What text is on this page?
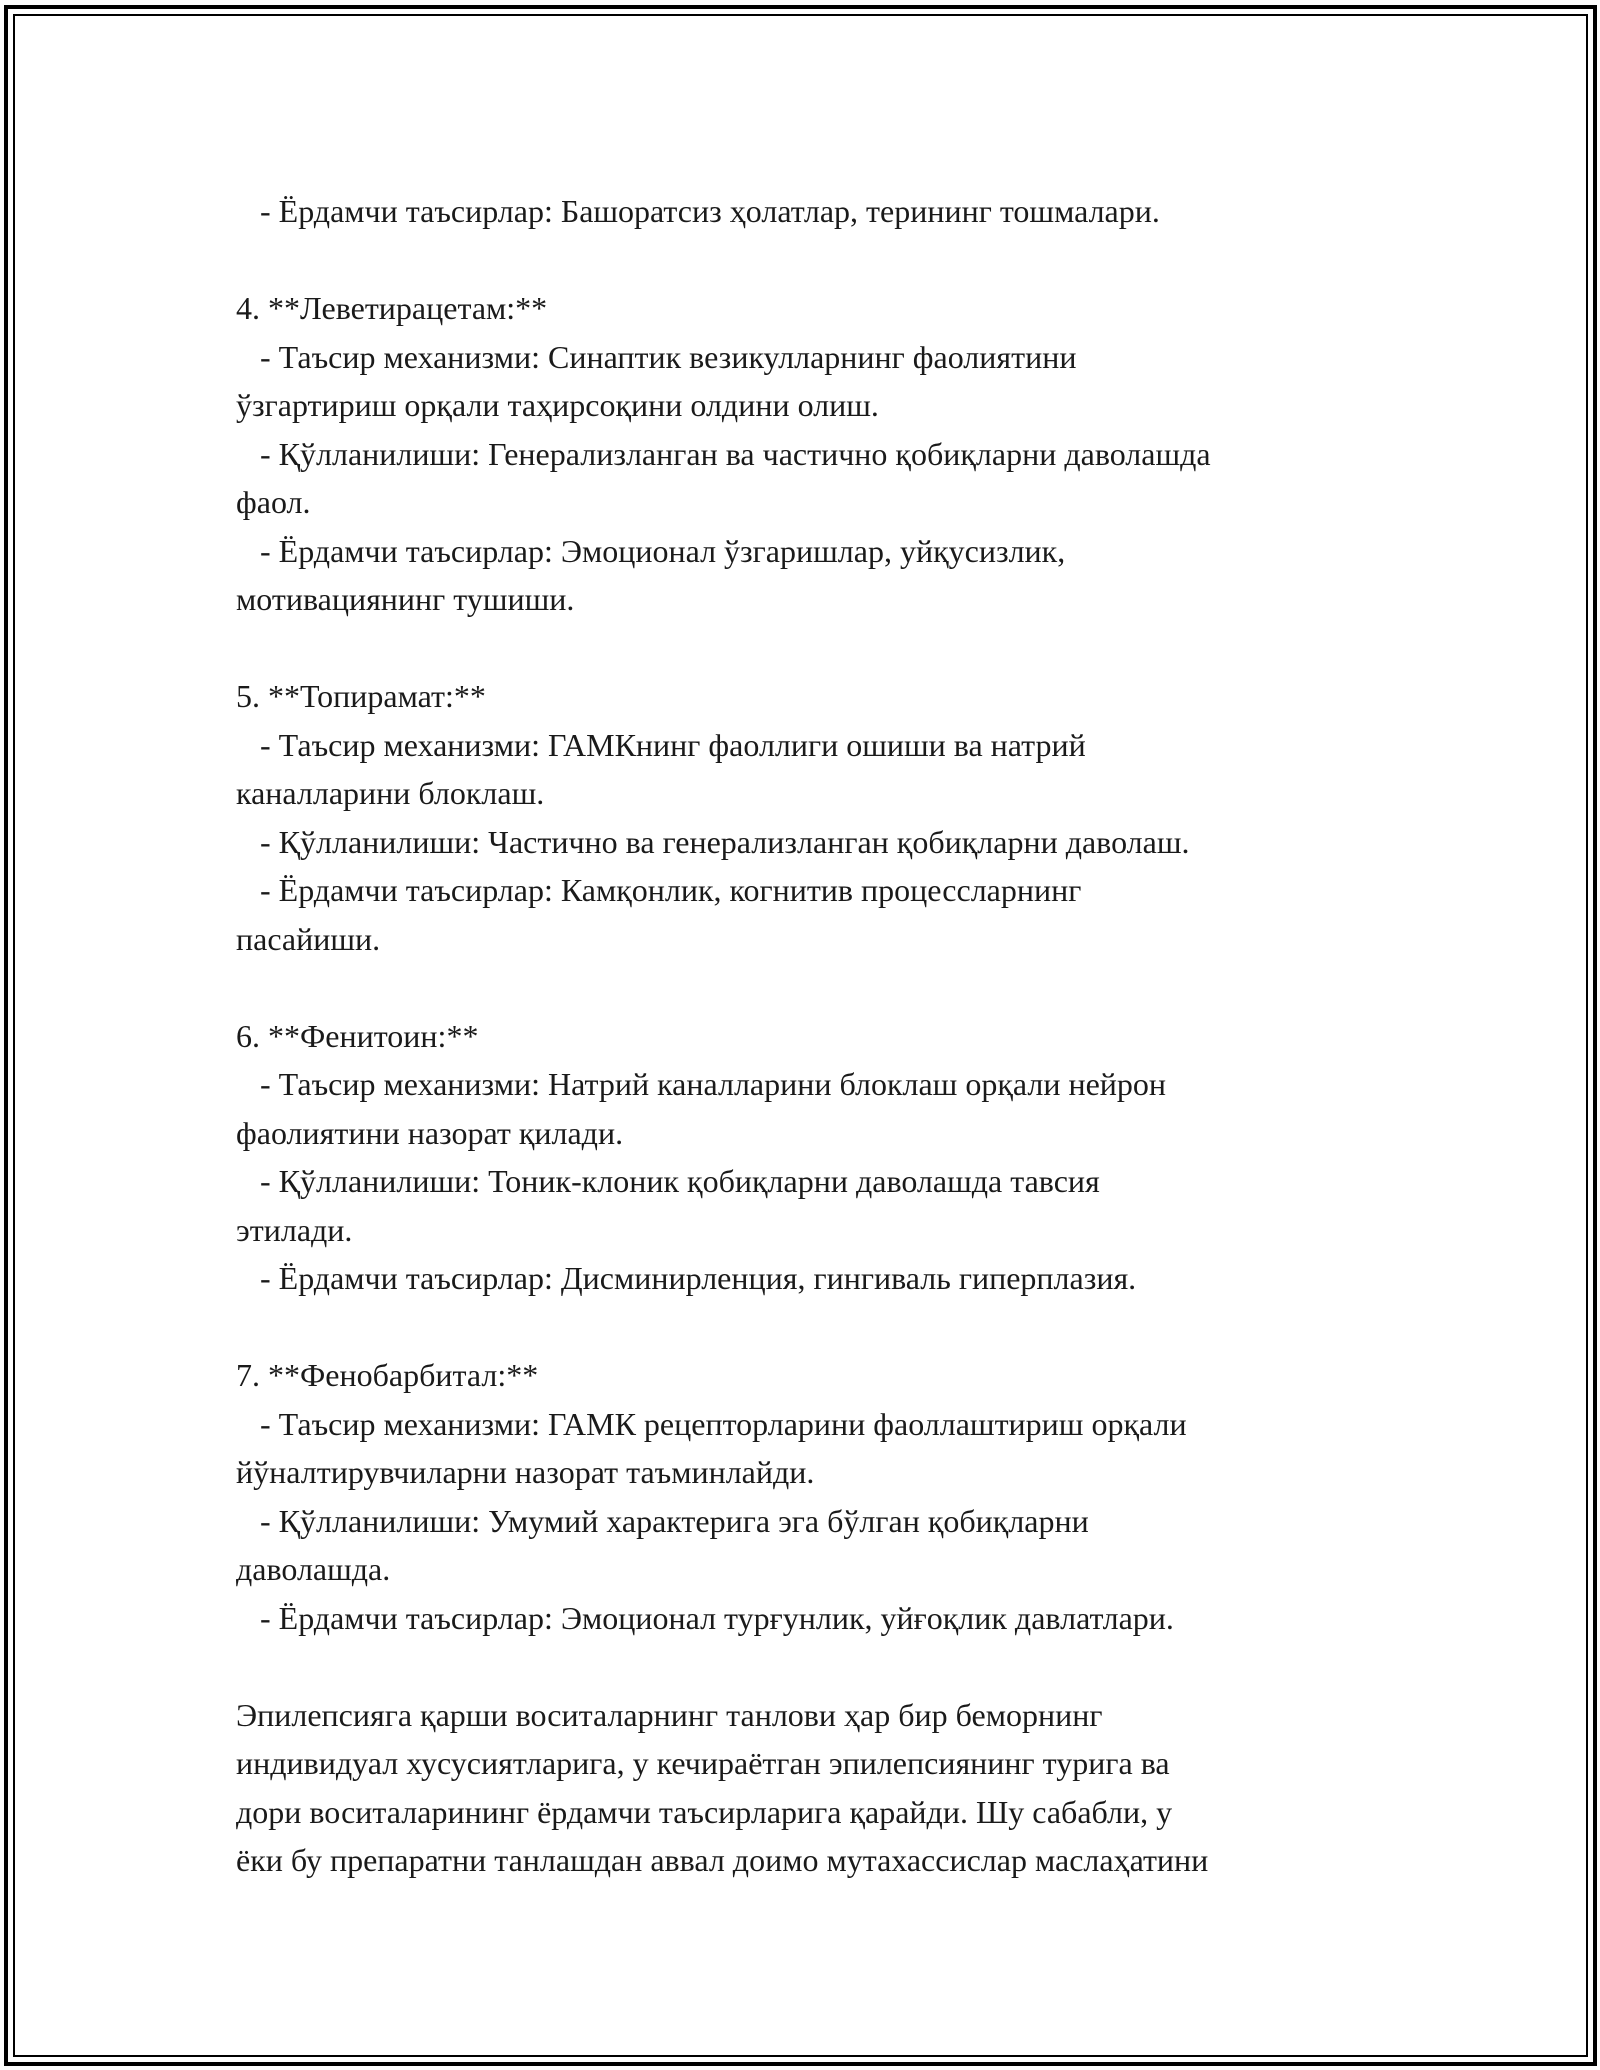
- Ёрдамчи таъсирлар: Башоратсиз ҳолатлар, терининг тошмалари.
4. **Леветирацетам:**
- Таъсир механизми: Синаптик везикулларнинг фаолиятини
ўзгартириш орқали таҳирсоқини олдини олиш.
- Қўлланилиши: Генерализланган ва частично қобиқларни даволашда
фаол.
- Ёрдамчи таъсирлар: Эмоционал ўзгаришлар, уйқусизлик,
мотивациянинг тушиши.
5. **Топирамат:**
- Таъсир механизми: ГАМКнинг фаоллиги ошиши ва натрий
каналларини блоклаш.
- Қўлланилиши: Частично ва генерализланган қобиқларни даволаш.
- Ёрдамчи таъсирлар: Камқонлик, когнитив процессларнинг
пасайиши.
6. **Фенитоин:**
- Таъсир механизми: Натрий каналларини блоклаш орқали нейрон
фаолиятини назорат қилади.
- Қўлланилиши: Тоник-клоник қобиқларни даволашда тавсия
этилади.
- Ёрдамчи таъсирлар: Дисминирленция, гингиваль гиперплазия.
7. **Фенобарбитал:**
- Таъсир механизми: ГАМК рецепторларини фаоллаштириш орқали
йўналтирувчиларни назорат таъминлайди.
- Қўлланилиши: Умумий характерига эга бўлган қобиқларни
даволашда.
- Ёрдамчи таъсирлар: Эмоционал турғунлик, уйғоқлик давлатлари.
Эпилепсияга қарши воситаларнинг танлови ҳар бир беморнинг
индивидуал хусусиятларига, у кечираётган эпилепсиянинг турига ва
дори воситаларининг ёрдамчи таъсирларига қарайди. Шу сабабли, у
ёки бу препаратни танлашдан аввал доимо мутахассислар маслаҳатини
